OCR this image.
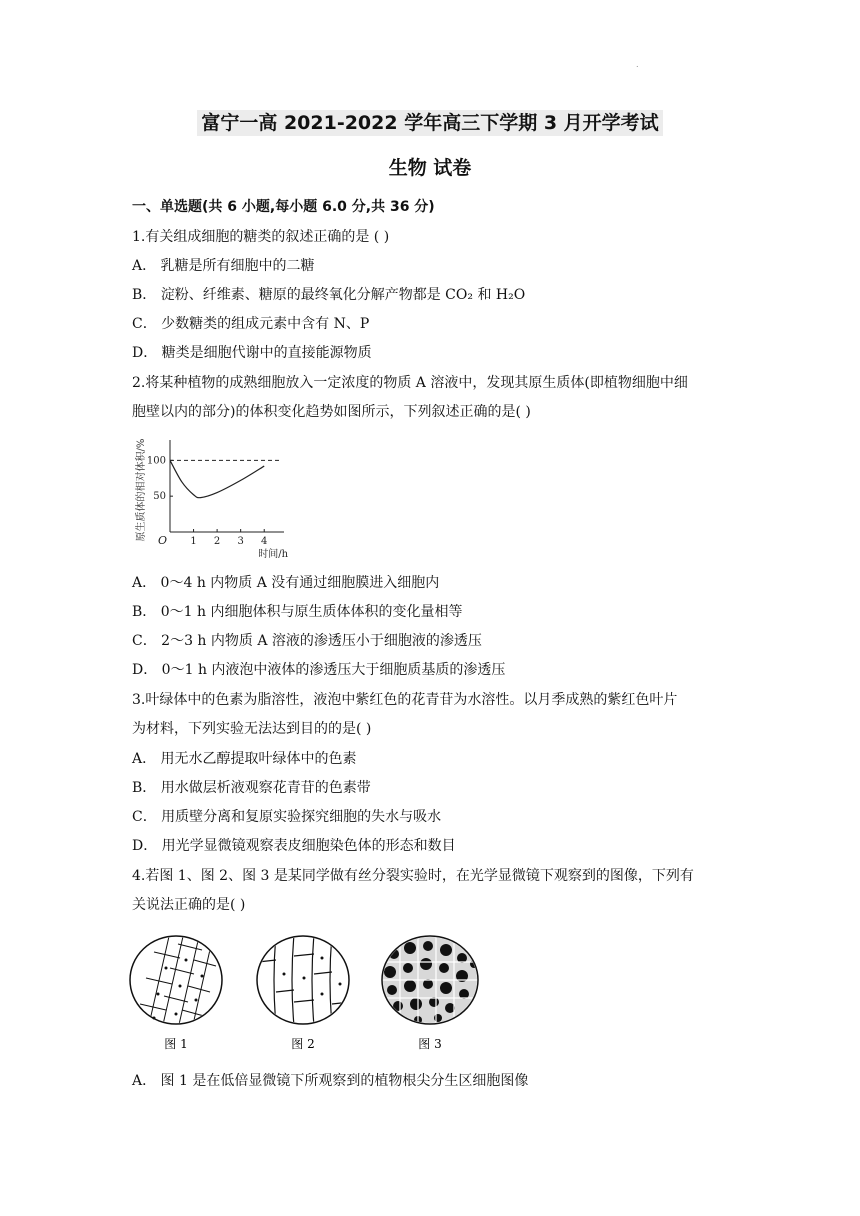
.
富宁一高 2021-2022 学年高三下学期 3 月开学考试
生物 试卷
一、单选题(共 6 小题,每小题 6.0 分,共 36 分)
1.有关组成细胞的糖类的叙述正确的是 ( )
A． 乳糖是所有细胞中的二糖
B． 淀粉、纤维素、糖原的最终氧化分解产物都是 CO₂ 和 H₂O
C． 少数糖类的组成元素中含有 N、P
D． 糖类是细胞代谢中的直接能源物质
2.将某种植物的成熟细胞放入一定浓度的物质 A 溶液中，发现其原生质体(即植物细胞中细
胞壁以内的部分)的体积变化趋势如图所示，下列叙述正确的是( )
原生质体的相对体积/%
1 2 3 4
50
100
O
时间/h
A． 0～4 h 内物质 A 没有通过细胞膜进入细胞内
B． 0～1 h 内细胞体积与原生质体体积的变化量相等
C． 2～3 h 内物质 A 溶液的渗透压小于细胞液的渗透压
D． 0～1 h 内液泡中液体的渗透压大于细胞质基质的渗透压
3.叶绿体中的色素为脂溶性，液泡中紫红色的花青苷为水溶性。以月季成熟的紫红色叶片
为材料，下列实验无法达到目的的是( )
A． 用无水乙醇提取叶绿体中的色素
B． 用水做层析液观察花青苷的色素带
C． 用质壁分离和复原实验探究细胞的失水与吸水
D． 用光学显微镜观察表皮细胞染色体的形态和数目
4.若图 1、图 2、图 3 是某同学做有丝分裂实验时，在光学显微镜下观察到的图像，下列有
关说法正确的是( )
图 1	图 2	图 3
A． 图 1 是在低倍显微镜下所观察到的植物根尖分生区细胞图像
